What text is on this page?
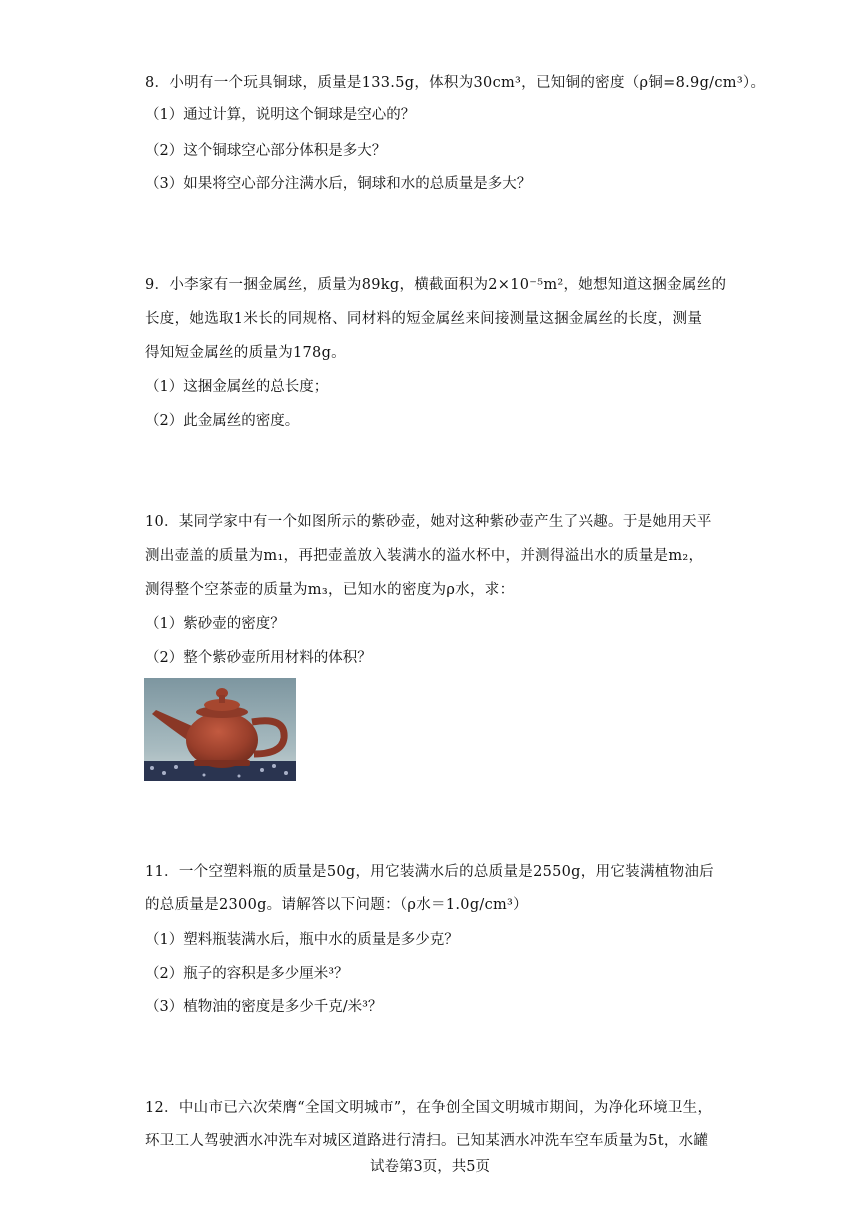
8．小明有一个玩具铜球，质量是133.5g，体积为30cm³，已知铜的密度（ρ铜=8.9g/cm³）。
（1）通过计算，说明这个铜球是空心的？
（2）这个铜球空心部分体积是多大？
（3）如果将空心部分注满水后，铜球和水的总质量是多大？
9．小李家有一捆金属丝，质量为89kg，横截面积为2×10⁻⁵m²，她想知道这捆金属丝的
长度，她选取1米长的同规格、同材料的短金属丝来间接测量这捆金属丝的长度，测量
得知短金属丝的质量为178g。
（1）这捆金属丝的总长度；
（2）此金属丝的密度。
10．某同学家中有一个如图所示的紫砂壶，她对这种紫砂壶产生了兴趣。于是她用天平
测出壶盖的质量为m₁，再把壶盖放入装满水的溢水杯中，并测得溢出水的质量是m₂，
测得整个空茶壶的质量为m₃，已知水的密度为ρ水，求：
（1）紫砂壶的密度？
（2）整个紫砂壶所用材料的体积？
11．一个空塑料瓶的质量是50g，用它装满水后的总质量是2550g，用它装满植物油后
的总质量是2300g。请解答以下问题：（ρ水＝1.0g/cm³）
（1）塑料瓶装满水后，瓶中水的质量是多少克？
（2）瓶子的容积是多少厘米³？
（3）植物油的密度是多少千克/米³？
12．中山市已六次荣膺“全国文明城市”，在争创全国文明城市期间，为净化环境卫生，
环卫工人驾驶洒水冲洗车对城区道路进行清扫。已知某洒水冲洗车空车质量为5t，水罐
试卷第3页，共5页
